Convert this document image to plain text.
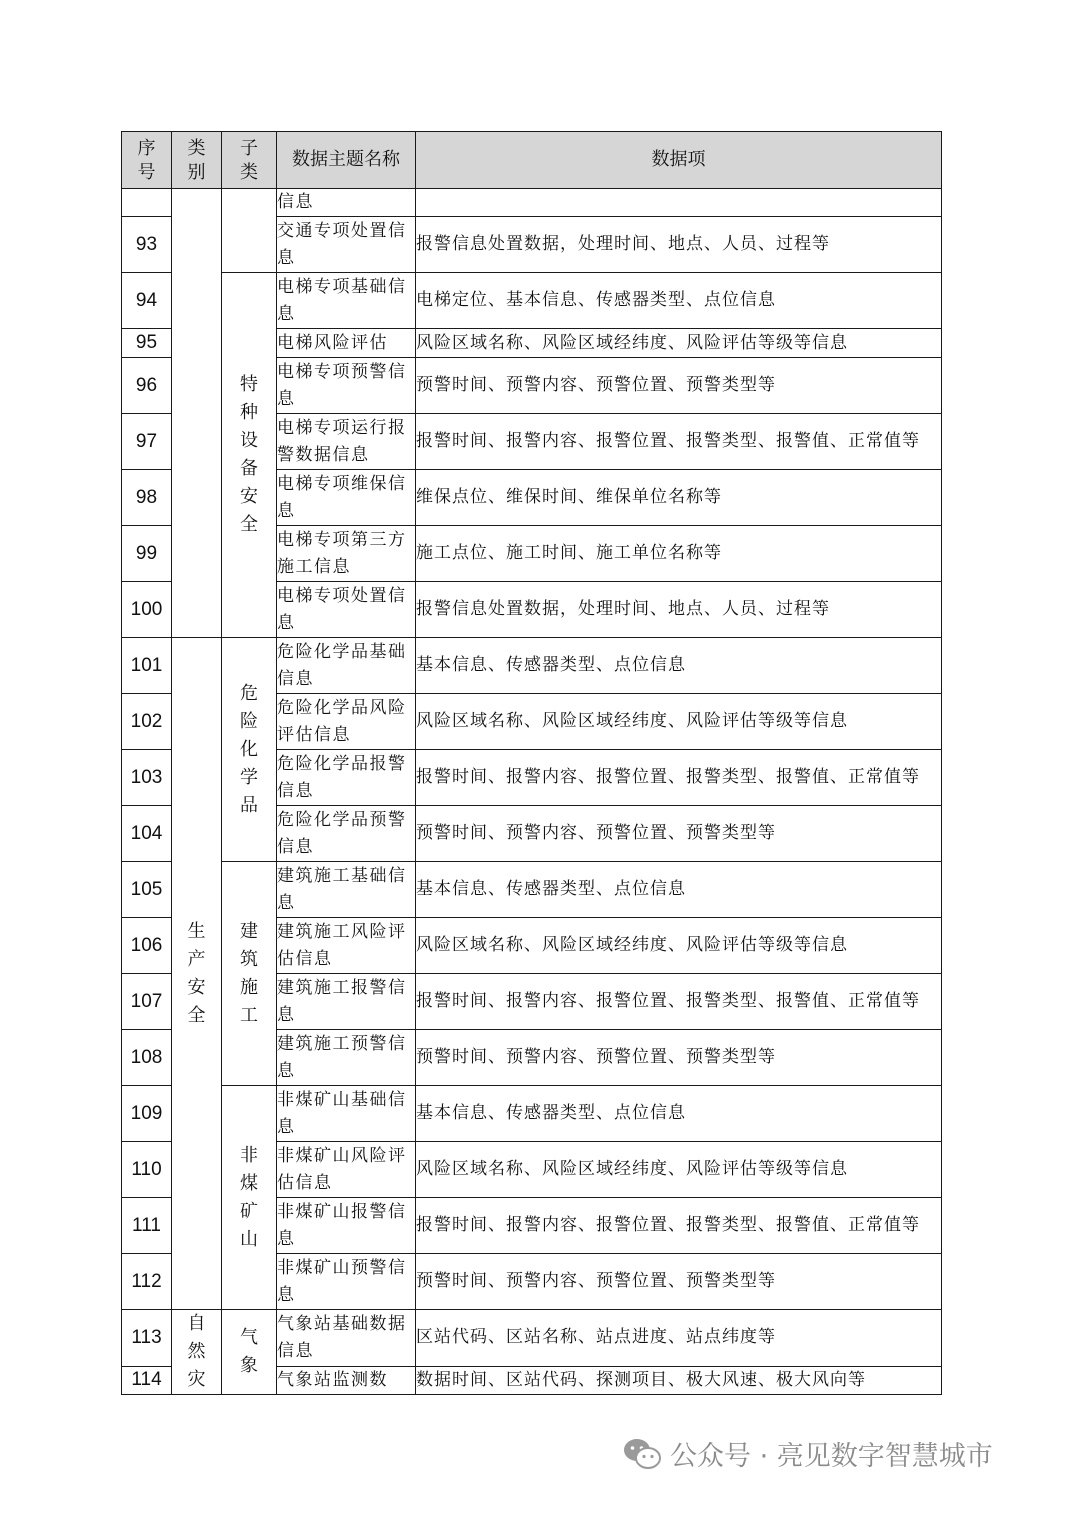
序号	类别	子类	数据主题名称	数据项
			信息	
93			交通专项处置信息	报警信息处置数据，处理时间、地点、人员、过程等
94		特种设备安全	电梯专项基础信息	电梯定位、基本信息、传感器类型、点位信息
95			电梯风险评估	风险区域名称、风险区域经纬度、风险评估等级等信息
96			电梯专项预警信息	预警时间、预警内容、预警位置、预警类型等
97			电梯专项运行报警数据信息	报警时间、报警内容、报警位置、报警类型、报警值、正常值等
98			电梯专项维保信息	维保点位、维保时间、维保单位名称等
99			电梯专项第三方施工信息	施工点位、施工时间、施工单位名称等
100			电梯专项处置信息	报警信息处置数据，处理时间、地点、人员、过程等
101	生产安全	危险化学品	危险化学品基础信息	基本信息、传感器类型、点位信息
102			危险化学品风险评估信息	风险区域名称、风险区域经纬度、风险评估等级等信息
103			危险化学品报警信息	报警时间、报警内容、报警位置、报警类型、报警值、正常值等
104			危险化学品预警信息	预警时间、预警内容、预警位置、预警类型等
105		建筑施工	建筑施工基础信息	基本信息、传感器类型、点位信息
106			建筑施工风险评估信息	风险区域名称、风险区域经纬度、风险评估等级等信息
107			建筑施工报警信息	报警时间、报警内容、报警位置、报警类型、报警值、正常值等
108			建筑施工预警信息	预警时间、预警内容、预警位置、预警类型等
109		非煤矿山	非煤矿山基础信息	基本信息、传感器类型、点位信息
110			非煤矿山风险评估信息	风险区域名称、风险区域经纬度、风险评估等级等信息
111			非煤矿山报警信息	报警时间、报警内容、报警位置、报警类型、报警值、正常值等
112			非煤矿山预警信息	预警时间、预警内容、预警位置、预警类型等
113	自然灾	气象	气象站基础数据信息	区站代码、区站名称、站点进度、站点纬度等
114			气象站监测数	数据时间、区站代码、探测项目、极大风速、极大风向等
公众号 · 亮见数字智慧城市
